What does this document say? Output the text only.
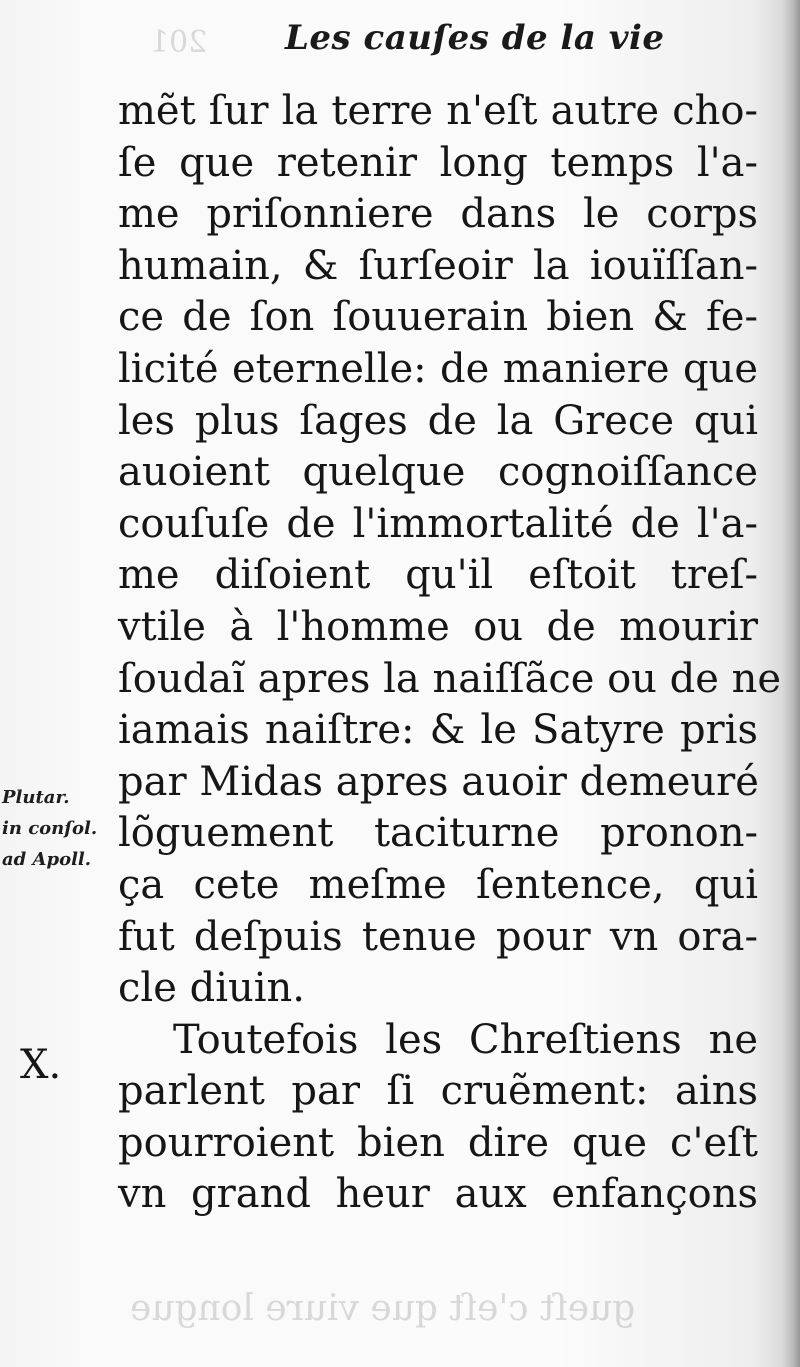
201 Les cauſes de la vie
mẽt ſur la terre n'eſt autre cho-
ſe que retenir long temps l'a-
me priſonniere dans le corps
humain, & ſurſeoir la iouïſſan-
ce de ſon ſouuerain bien & fe-
licité eternelle: de maniere que
les plus ſages de la Grece qui
auoient quelque cognoiſſance
couſuſe de l'immortalité de l'a-
me diſoient qu'il eſtoit treſ-
vtile à l'homme ou de mourir
ſoudaĩ apres la naiſſãce ou de ne
iamais naiſtre: & le Satyre pris
par Midas apres auoir demeuré
lõguement taciturne pronon-
ça cete meſme ſentence, qui
fut deſpuis tenue pour vn ora-
cle diuin.
Toutefois les Chreſtiens ne
parlent par ſi cruẽment: ains
pourroient bien dire que c'eſt
vn grand heur aux enfançons
Plutar.
in conſol.
ad Apoll.
X.
gueſt c'eſt que viure longue
